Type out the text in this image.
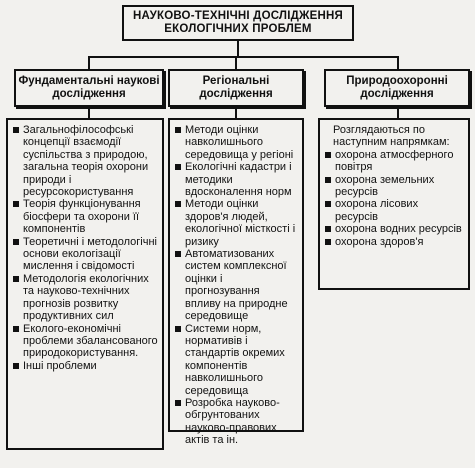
НАУКОВО-ТЕХНІЧНІ ДОСЛІДЖЕННЯ ЕКОЛОГІЧНИХ ПРОБЛЕМ
Фундаментальні наукові дослідження
Регіональні дослідження
Природоохоронні дослідження
Загальнофілософські концепції взаємодії суспільства з природою, загальна теорія охорони природи і ресурсокористування
Теорія функціонування біосфери та охорони її компонентів
Теоретичні і методологічні основи екологізації мислення і свідомості
Методологія екологічних та науково-технічних прогнозів розвитку продуктивних сил
Еколого-економічні проблеми збалансованого природокористування.
Інші проблеми
Методи оцінки навколишнього середовища у регіоні
Екологічні кадастри і методики вдосконалення норм
Методи оцінки здоров'я людей, екологічної місткості і ризику
Автоматизованих систем комплексної оцінки і прогнозування впливу на природне середовище
Системи норм, нормативів і стандартів окремих компонентів навколишнього середовища
Розробка науково-обгрунтованих науково-правових актів та ін.

Розглядаються по наступним напрямкам:

охорона атмосферного повітря
охорона земельних ресурсів
охорона лісових ресурсів
охорона водних ресурсів
охорона здоров'я
